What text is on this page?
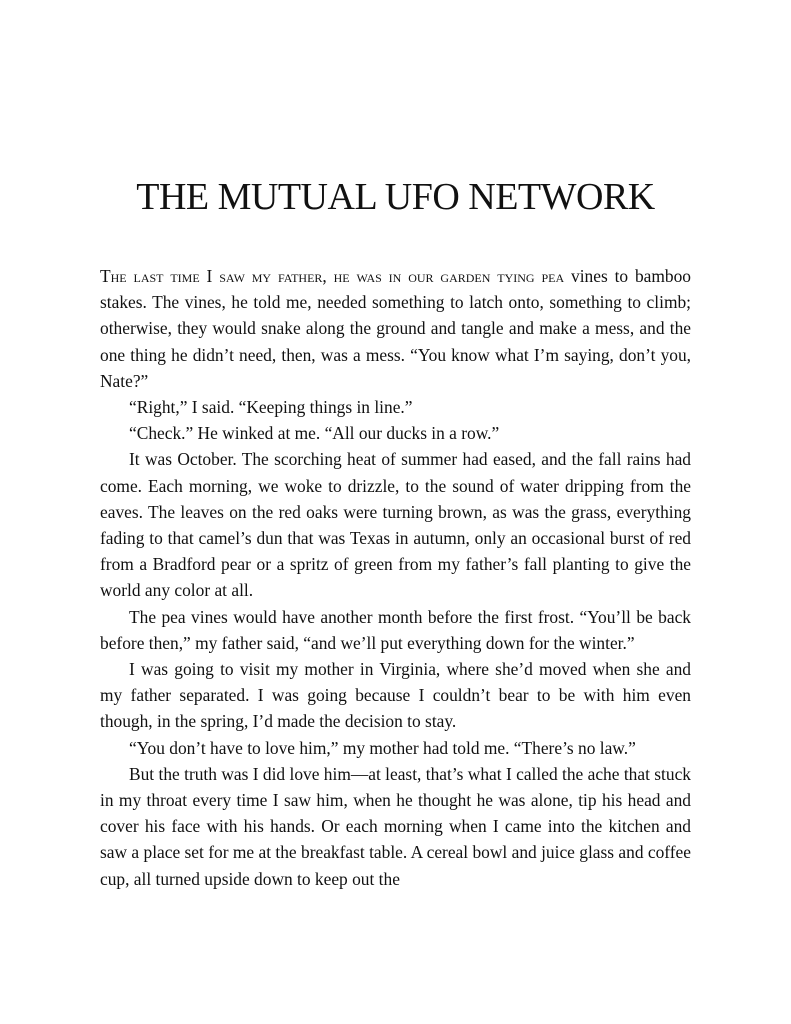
THE MUTUAL UFO NETWORK

The last time I saw my father, he was in our garden tying pea vines to bamboo stakes. The vines, he told me, needed something to latch onto, something to climb; otherwise, they would snake along the ground and tangle and make a mess, and the one thing he didn’t need, then, was a mess. “You know what I’m saying, don’t you, Nate?”

“Right,” I said. “Keeping things in line.”

“Check.” He winked at me. “All our ducks in a row.”

It was October. The scorching heat of summer had eased, and the fall rains had come. Each morning, we woke to drizzle, to the sound of water dripping from the eaves. The leaves on the red oaks were turning brown, as was the grass, everything fading to that camel’s dun that was Texas in autumn, only an occasional burst of red from a Bradford pear or a spritz of green from my father’s fall planting to give the world any color at all.

The pea vines would have another month before the first frost. “You’ll be back before then,” my father said, “and we’ll put everything down for the winter.”

I was going to visit my mother in Virginia, where she’d moved when she and my father separated. I was going because I couldn’t bear to be with him even though, in the spring, I’d made the decision to stay.

“You don’t have to love him,” my mother had told me. “There’s no law.”

But the truth was I did love him—at least, that’s what I called the ache that stuck in my throat every time I saw him, when he thought he was alone, tip his head and cover his face with his hands. Or each morning when I came into the kitchen and saw a place set for me at the breakfast table. A cereal bowl and juice glass and coffee cup, all turned upside down to keep out the
